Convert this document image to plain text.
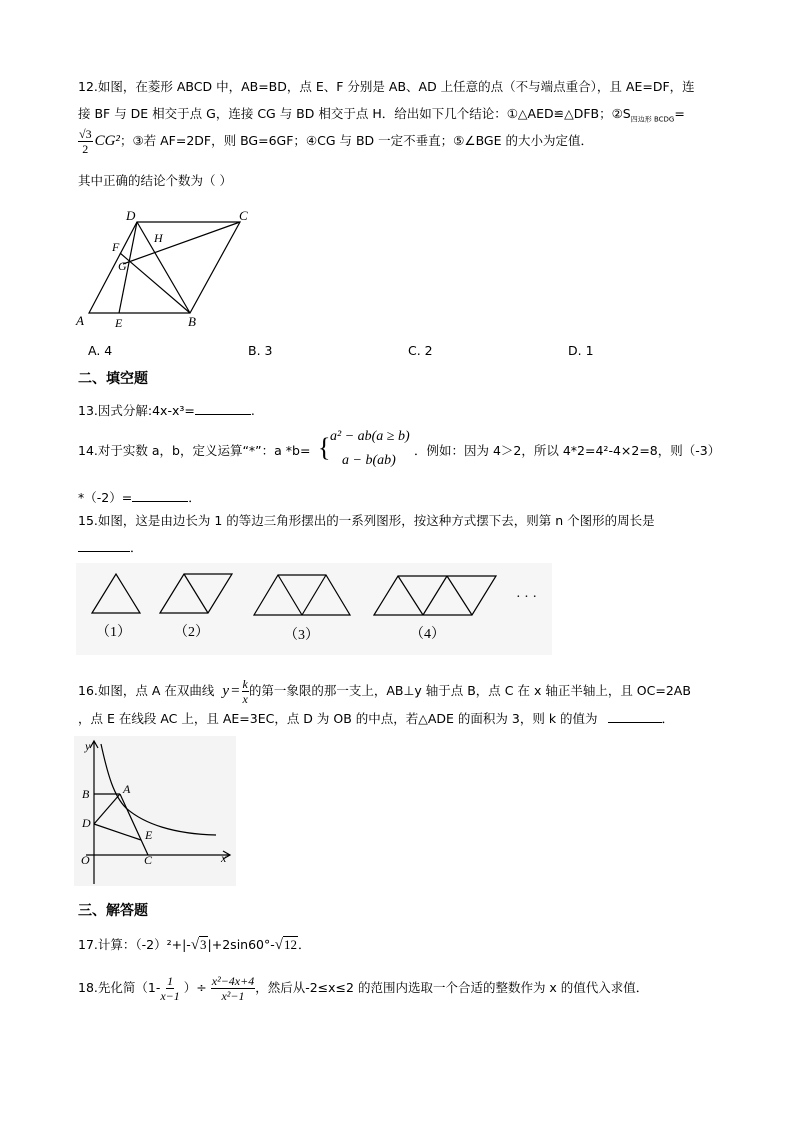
12.如图，在菱形 ABCD 中，AB=BD，点 E、F 分别是 AB、AD 上任意的点（不与端点重合），且 AE=DF，连
接 BF 与 DE 相交于点 G，连接 CG 与 BD 相交于点 H．给出如下几个结论：①△AED≌△DFB；$②S_{四边形 BCDG}=$
$\frac{√3}{2} CG^2$ ；③若 AF=2DF，则 BG=6GF；④CG 与 BD 一定不垂直；⑤∠BGE 的大小为定值．
其中正确的结论个数为（ ）
A	B
C
D
E
F
G
H
A. 4	B. 3	C. 2	D. 1
二、填空题
13.因式分解:4x-x³=	.
14.对于实数 a，b，定义运算“*”：a *b= { a² − ab(a ≥ b)
a − b(ab)
．例如：因为 4＞2，所以 4*2=4²-4×2=8，则（-3）
*（-2）=	．
15.如图，这是由边长为 1 的等边三角形摆出的一系列图形，按这种方式摆下去，则第 n 个图形的周长是
．
（1）	（2）	（3）	（4）
· · ·
16.如图，点 A 在双曲线 $y = \frac{k}{x}$ 的第一象限的那一支上，AB⊥y 轴于点 B，点 C 在 x 轴正半轴上，且 OC=2AB
，点 E 在线段 AC 上，且 AE=3EC，点 D 为 OB 的中点，若△ADE 的面积为 3，则 k 的值为	．
y
x
O
A
B
C
D
E
三、解答题
17.计算：（-2）²+|- √3 |+2sin60°- √12 ．
18.先化简（$1- \frac{1}{x-1}$ ）÷ $\frac{\text{x²−4x+4}}{\text{x²−1}}$ ，然后从-2≤x≤2 的范围内选取一个合适的整数作为 x 的值代入求值．
